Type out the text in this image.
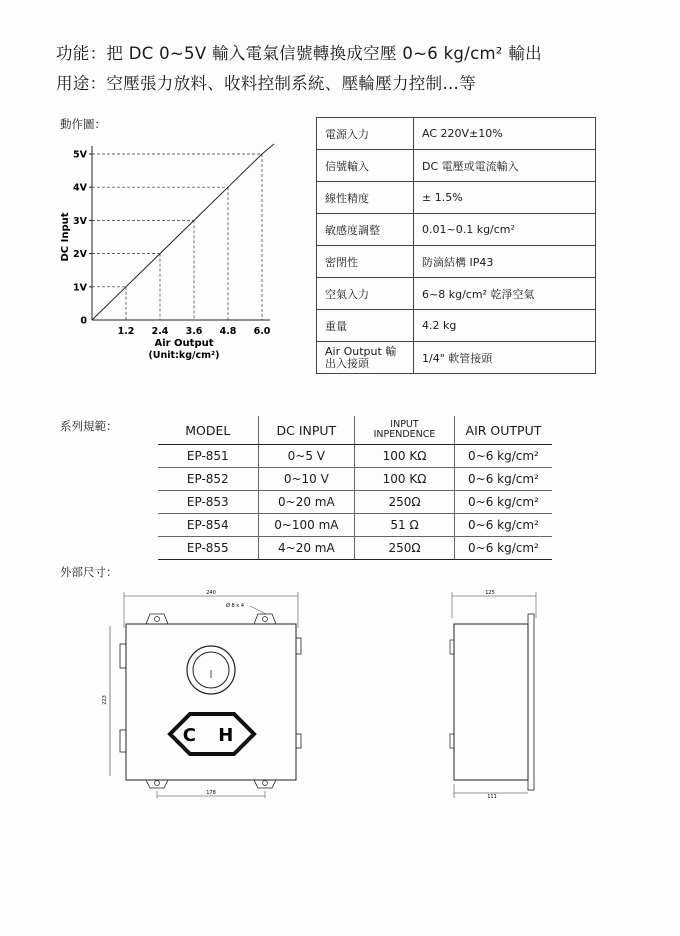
功能：把 DC 0~5V 輸入電氣信號轉換成空壓 0~6 kg/cm² 輸出
用途：空壓張力放料、收料控制系統、壓輪壓力控制…等
動作圖：
0
1V
2V
3V
4V
5V
1.2 2.4 3.6 4.8 6.0
DC Input
Air Output
(Unit:kg/cm²)
電源入力	AC 220V±10%
信號輸入	DC 電壓或電流輸入
線性精度	± 1.5%
敏感度調整	0.01~0.1 kg/cm²
密閉性	防滴結構 IP43
空氣入力	6~8 kg/cm² 乾淨空氣
重量	4.2 kg
Air Output 輸出入接頭	1/4" 軟管接頭
系列規範：	MODEL	DC INPUT	INPUT INPENDENCE	AIR OUTPUT
EP-851	0~5 V	100 KΩ	0~6 kg/cm²
EP-852	0~10 V	100 KΩ	0~6 kg/cm²
EP-853	0~20 mA	250Ω	0~6 kg/cm²
EP-854	0~100 mA	51 Ω	0~6 kg/cm²
EP-855	4~20 mA	250Ω	0~6 kg/cm²
外部尺寸：
240
Ø 8 x 4
223
C H
178
125
111
